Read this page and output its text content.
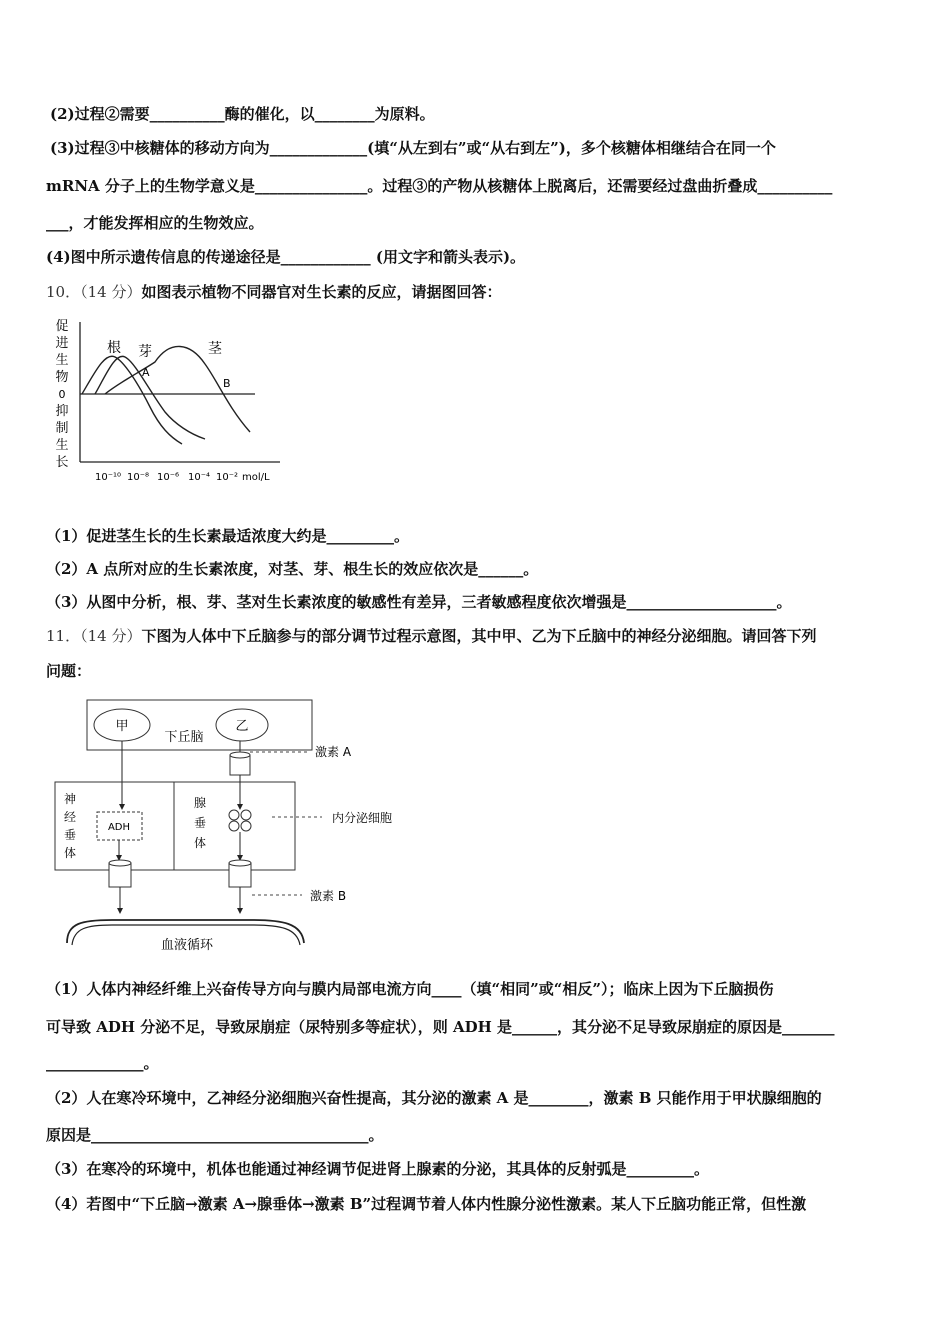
(2)过程②需要__________酶的催化，以________为原料。
(3)过程③中核糖体的移动方向为_____________(填“从左到右”或“从右到左”)，多个核糖体相继结合在同一个
mRNA 分子上的生物学意义是_______________。过程③的产物从核糖体上脱离后，还需要经过盘曲折叠成__________
___，才能发挥相应的生物效应。
(4)图中所示遗传信息的传递途径是____________ (用文字和箭头表示)。
10．（14 分）如图表示植物不同器官对生长素的反应，请据图回答：
促
进
生
物
0
抑
制
生
长
根 芽	茎
A
B
10⁻¹⁰ 10⁻⁸ 10⁻⁶ 10⁻⁴ 10⁻² mol/L
（1）促进茎生长的生长素最适浓度大约是_________。
（2）A 点所对应的生长素浓度，对茎、芽、根生长的效应依次是______。
（3）从图中分析，根、芽、茎对生长素浓度的敏感性有差异，三者敏感程度依次增强是____________________。
11．（14 分）下图为人体中下丘脑参与的部分调节过程示意图，其中甲、乙为下丘脑中的神经分泌细胞。请回答下列
问题：
甲	乙
下丘脑
激素 A
神
经
垂
体
腺
垂
体
ADH
内分泌细胞
激素 B
血液循环
（1）人体内神经纤维上兴奋传导方向与膜内局部电流方向____（填“相同”或“相反”）；临床上因为下丘脑损伤
可导致 ADH 分泌不足，导致尿崩症（尿特别多等症状），则 ADH 是______，其分泌不足导致尿崩症的原因是_______
_____________。
（2）人在寒冷环境中，乙神经分泌细胞兴奋性提高，其分泌的激素 A 是________，激素 B 只能作用于甲状腺细胞的
原因是_____________________________________。
（3）在寒冷的环境中，机体也能通过神经调节促进肾上腺素的分泌，其具体的反射弧是_________。
（4）若图中“下丘脑→激素 A→腺垂体→激素 B”过程调节着人体内性腺分泌性激素。某人下丘脑功能正常，但性激
